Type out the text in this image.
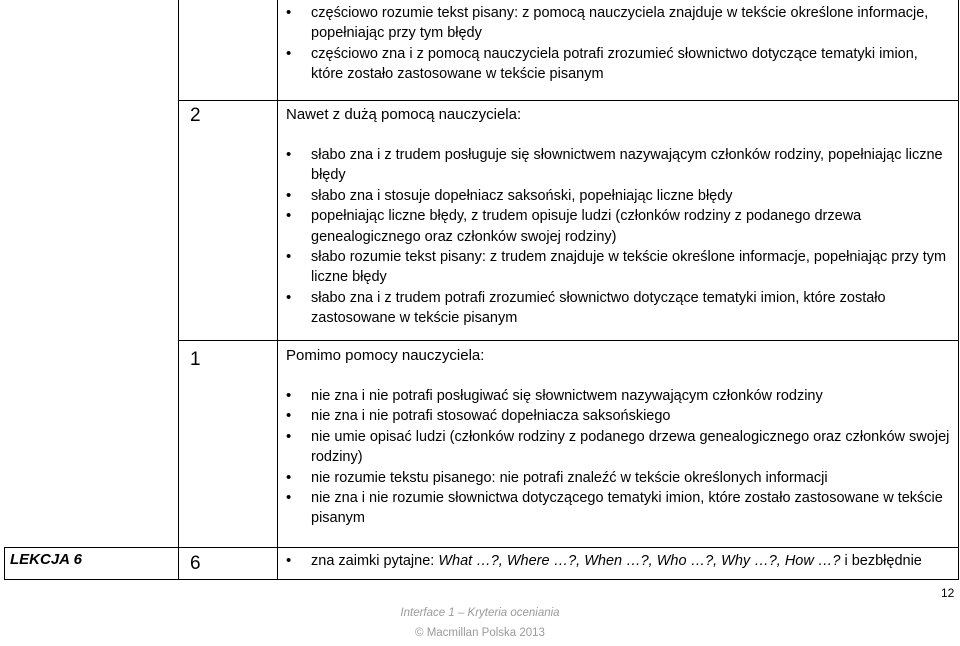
• częściowo rozumie tekst pisany: z pomocą nauczyciela znajduje w tekście określone informacje, popełniając przy tym błędy
• częściowo zna i z pomocą nauczyciela potrafi zrozumieć słownictwo dotyczące tematyki imion, które zostało zastosowane w tekście pisanym
2	Nawet z dużą pomocą nauczyciela:
• słabo zna i z trudem posługuje się słownictwem nazywającym członków rodziny, popełniając liczne błędy
• słabo zna i stosuje dopełniacz saksoński, popełniając liczne błędy
• popełniając liczne błędy, z trudem opisuje ludzi (członków rodziny z podanego drzewa genealogicznego oraz członków swojej rodziny)
• słabo rozumie tekst pisany: z trudem znajduje w tekście określone informacje, popełniając przy tym liczne błędy
• słabo zna i z trudem potrafi zrozumieć słownictwo dotyczące tematyki imion, które zostało zastosowane w tekście pisanym
1	Pomimo pomocy nauczyciela:
• nie zna i nie potrafi posługiwać się słownictwem nazywającym członków rodziny
• nie zna i nie potrafi stosować dopełniacza saksońskiego
• nie umie opisać ludzi (członków rodziny z podanego drzewa genealogicznego oraz członków swojej rodziny)
• nie rozumie tekstu pisanego: nie potrafi znaleźć w tekście określonych informacji
• nie zna i nie rozumie słownictwa dotyczącego tematyki imion, które zostało zastosowane w tekście pisanym
LEKCJA 6	6
•	zna zaimki pytajne: What …?, Where …?, When …?, Who …?, Why …?, How …? i bezbłędnie
12
Interface 1 – Kryteria oceniania
© Macmillan Polska 2013
